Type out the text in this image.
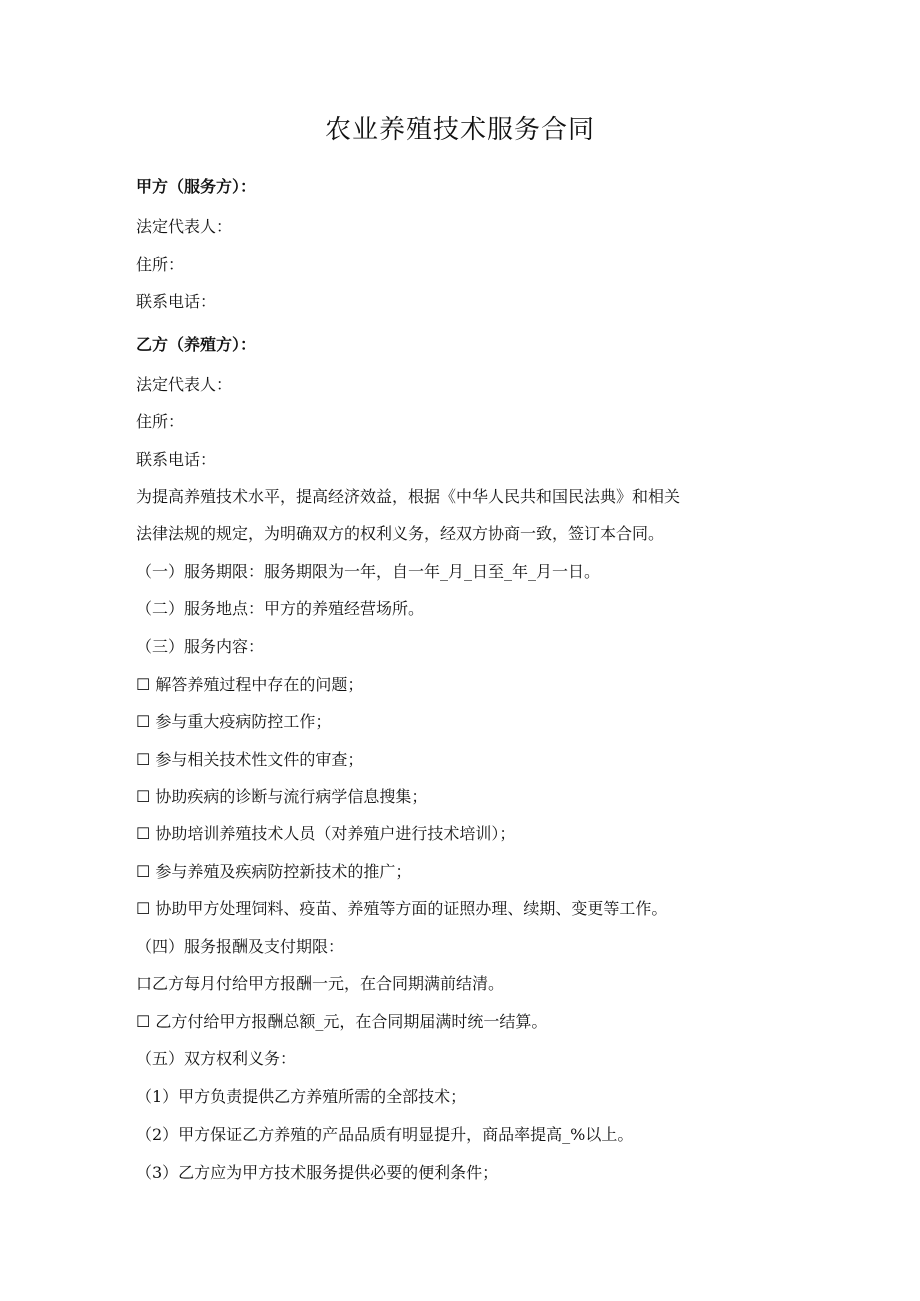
农业养殖技术服务合同
甲方（服务方）：
法定代表人：
住所：
联系电话：
乙方（养殖方）：
法定代表人：
住所：
联系电话：
为提高养殖技术水平，提高经济效益，根据《中华人民共和国民法典》和相关
法律法规的规定，为明确双方的权利义务，经双方协商一致，签订本合同。
（一）服务期限：服务期限为一年，自一年_月_日至_年_月一日。
（二）服务地点：甲方的养殖经营场所。
（三）服务内容：
☐ 解答养殖过程中存在的问题；
☐ 参与重大疫病防控工作；
☐ 参与相关技术性文件的审查；
☐ 协助疾病的诊断与流行病学信息搜集；
☐ 协助培训养殖技术人员（对养殖户进行技术培训）；
☐ 参与养殖及疾病防控新技术的推广；
☐ 协助甲方处理饲料、疫苗、养殖等方面的证照办理、续期、变更等工作。
（四）服务报酬及支付期限：
口乙方每月付给甲方报酬一元，在合同期满前结清。
☐ 乙方付给甲方报酬总额_元，在合同期届满时统一结算。
（五）双方权利义务：
（1）甲方负责提供乙方养殖所需的全部技术；
（2）甲方保证乙方养殖的产品品质有明显提升，商品率提高_%以上。
（3）乙方应为甲方技术服务提供必要的便利条件；
